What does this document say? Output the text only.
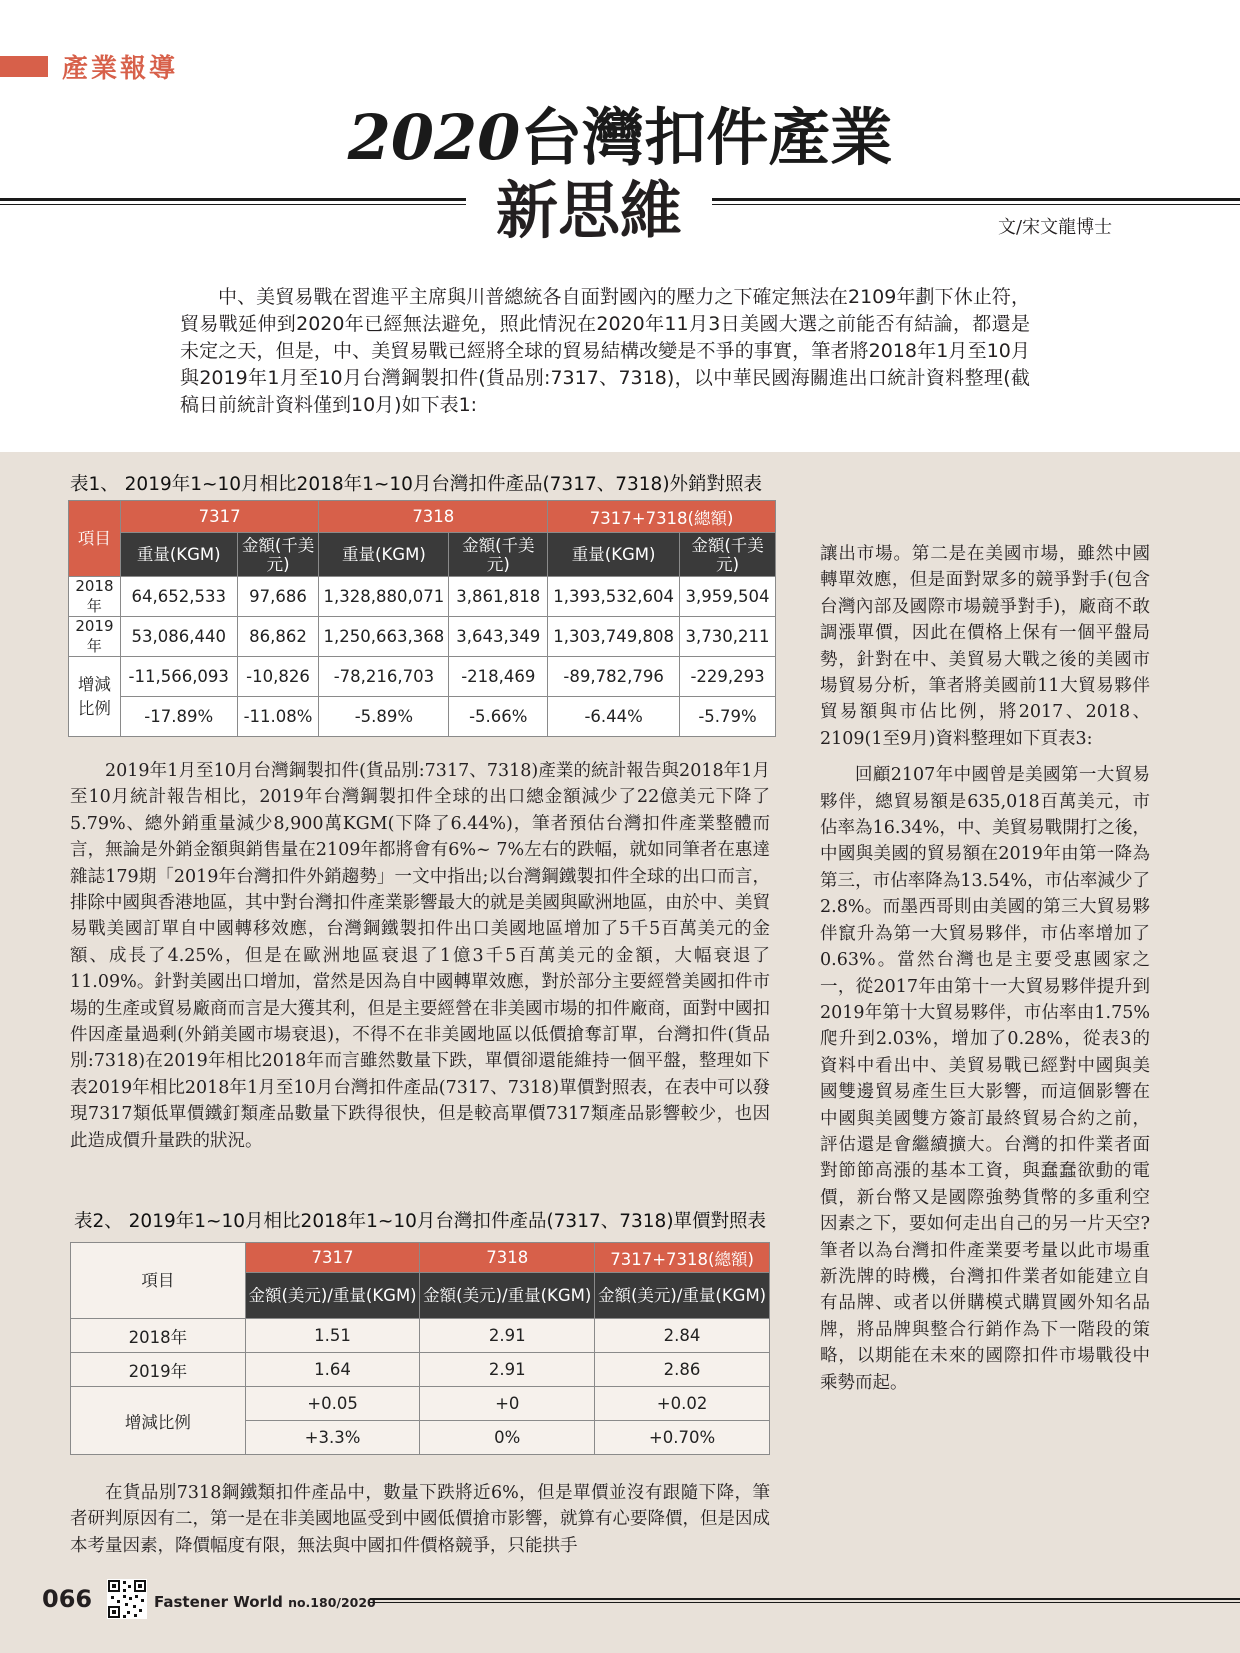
產業報導
2020台灣扣件產業
新思維	文/宋文龍博士
中、美貿易戰在習進平主席與川普總統各自面對國內的壓力之下確定無法在2109年劃下休止符，貿易戰延伸到2020年已經無法避免，照此情況在2020年11月3日美國大選之前能否有結論，都還是未定之天，但是，中、美貿易戰已經將全球的貿易結構改變是不爭的事實，筆者將2018年1月至10月與2019年1月至10月台灣鋼製扣件(貨品別:7317、7318)，以中華民國海關進出口統計資料整理(截稿日前統計資料僅到10月)如下表1:
表1、 2019年1~10月相比2018年1~10月台灣扣件產品(7317、7318)外銷對照表
項目	7317		7318		7317+7318(總額)	
	重量(KGM)	金額(千美元)	重量(KGM)	金額(千美元)	重量(KGM)	金額(千美元)
2018年	64,652,533	97,686	1,328,880,071	3,861,818	1,393,532,604	3,959,504
2019年	53,086,440	86,862	1,250,663,368	3,643,349	1,303,749,808	3,730,211
增減比例	-11,566,093	-10,826	-78,216,703	-218,469	-89,782,796	-229,293
	-17.89%	-11.08%	-5.89%	-5.66%	-6.44%	-5.79%
2019年1月至10月台灣鋼製扣件(貨品別:7317、7318)產業的統計報告與2018年1月至10月統計報告相比，2019年台灣鋼製扣件全球的出口總金額減少了22億美元下降了5.79%、總外銷重量減少8,900萬KGM(下降了6.44%)，筆者預估台灣扣件產業整體而言，無論是外銷金額與銷售量在2109年都將會有6%~ 7%左右的跌幅，就如同筆者在惠達雜誌179期「2019年台灣扣件外銷趨勢」一文中指出;以台灣鋼鐵製扣件全球的出口而言，排除中國與香港地區，其中對台灣扣件產業影響最大的就是美國與歐洲地區，由於中、美貿易戰美國訂單自中國轉移效應，台灣鋼鐵製扣件出口美國地區增加了5千5百萬美元的金額、成長了4.25%，但是在歐洲地區衰退了1億3千5百萬美元的金額，大幅衰退了11.09%。針對美國出口增加，當然是因為自中國轉單效應，對於部分主要經營美國扣件市場的生產或貿易廠商而言是大獲其利，但是主要經營在非美國市場的扣件廠商，面對中國扣件因產量過剩(外銷美國市場衰退)，不得不在非美國地區以低價搶奪訂單，台灣扣件(貨品別:7318)在2019年相比2018年而言雖然數量下跌，單價卻還能維持一個平盤，整理如下表2019年相比2018年1月至10月台灣扣件產品(7317、7318)單價對照表，在表中可以發現7317類低單價鐵釘類產品數量下跌得很快，但是較高單價7317類產品影響較少，也因此造成價升量跌的狀況。
表2、 2019年1~10月相比2018年1~10月台灣扣件產品(7317、7318)單價對照表
項目	7317	7318	7317+7318(總額)
	金額(美元)/重量(KGM)	金額(美元)/重量(KGM)	金額(美元)/重量(KGM)
2018年	1.51	2.91	2.84
2019年	1.64	2.91	2.86
增減比例	+0.05	+0	+0.02
	+3.3%	0%	+0.70%
在貨品別7318鋼鐵類扣件產品中，數量下跌將近6%，但是單價並沒有跟隨下降，筆者研判原因有二，第一是在非美國地區受到中國低價搶市影響，就算有心要降價，但是因成本考量因素，降價幅度有限，無法與中國扣件價格競爭，只能拱手

讓出市場。第二是在美國市場，雖然中國轉單效應，但是面對眾多的競爭對手(包含台灣內部及國際市場競爭對手)，廠商不敢調漲單價，因此在價格上保有一個平盤局勢，針對在中、美貿易大戰之後的美國市場貿易分析，筆者將美國前11大貿易夥伴貿易額與市佔比例，將2017、2018、2109(1至9月)資料整理如下頁表3:

回顧2107年中國曾是美國第一大貿易夥伴，總貿易額是635,018百萬美元，市佔率為16.34%，中、美貿易戰開打之後，中國與美國的貿易額在2019年由第一降為第三，市佔率降為13.54%，市佔率減少了2.8%。而墨西哥則由美國的第三大貿易夥伴竄升為第一大貿易夥伴，市佔率增加了0.63%。當然台灣也是主要受惠國家之一，從2017年由第十一大貿易夥伴提升到2019年第十大貿易夥伴，市佔率由1.75%爬升到2.03%，增加了0.28%，從表3的資料中看出中、美貿易戰已經對中國與美國雙邊貿易產生巨大影響，而這個影響在中國與美國雙方簽訂最終貿易合約之前，評估還是會繼續擴大。台灣的扣件業者面對節節高漲的基本工資，與蠢蠢欲動的電價，新台幣又是國際強勢貨幣的多重利空因素之下，要如何走出自己的另一片天空?筆者以為台灣扣件產業要考量以此市場重新洗牌的時機，台灣扣件業者如能建立自有品牌、或者以併購模式購買國外知名品牌，將品牌與整合行銷作為下一階段的策略，以期能在未來的國際扣件市場戰役中乘勢而起。

066	Fastener World no.180/2020
